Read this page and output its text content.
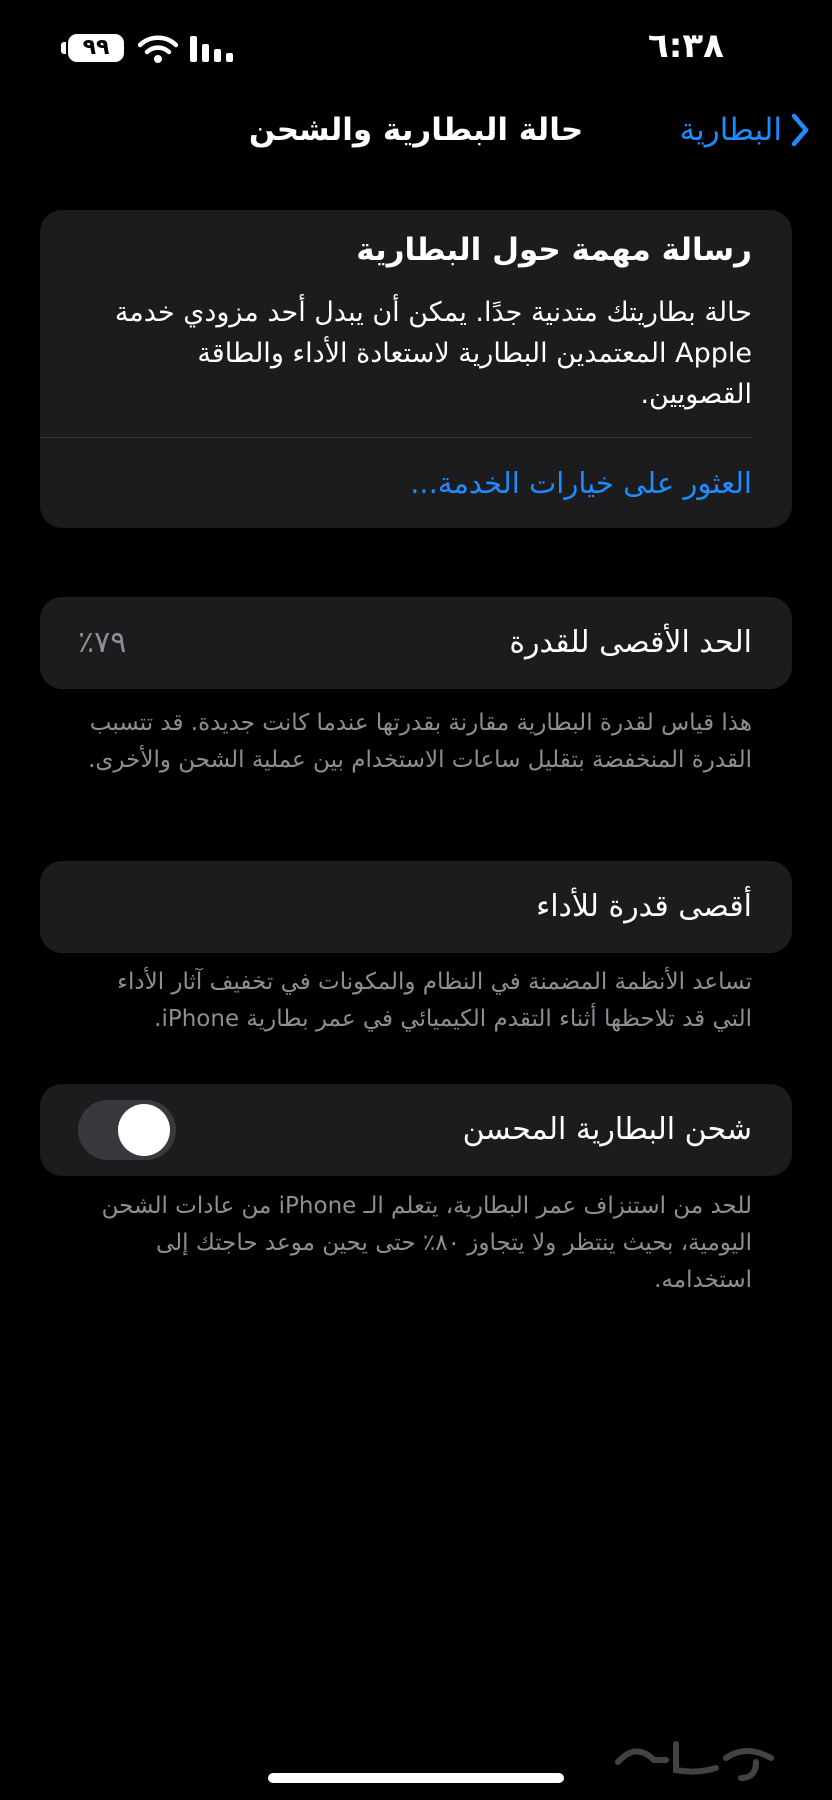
٦:٣٨
٩٩
البطارية
حالة البطارية والشحن
رسالة مهمة حول البطارية
حالة بطاريتك متدنية جدًا. يمكن أن يبدل أحد مزودي خدمة Apple المعتمدين البطارية لاستعادة الأداء والطاقة القصويين.
العثور على خيارات الخدمة...
الحد الأقصى للقدرة
٧٩٪
هذا قياس لقدرة البطارية مقارنة بقدرتها عندما كانت جديدة. قد تتسبب القدرة المنخفضة بتقليل ساعات الاستخدام بين عملية الشحن والأخرى.
أقصى قدرة للأداء
تساعد الأنظمة المضمنة في النظام والمكونات في تخفيف آثار الأداء التي قد تلاحظها أثناء التقدم الكيميائي في عمر بطارية iPhone.
شحن البطارية المحسن
للحد من استنزاف عمر البطارية، يتعلم الـ iPhone من عادات الشحن اليومية، بحيث ينتظر ولا يتجاوز ٨٠٪ حتى يحين موعد حاجتك إلى استخدامه.
